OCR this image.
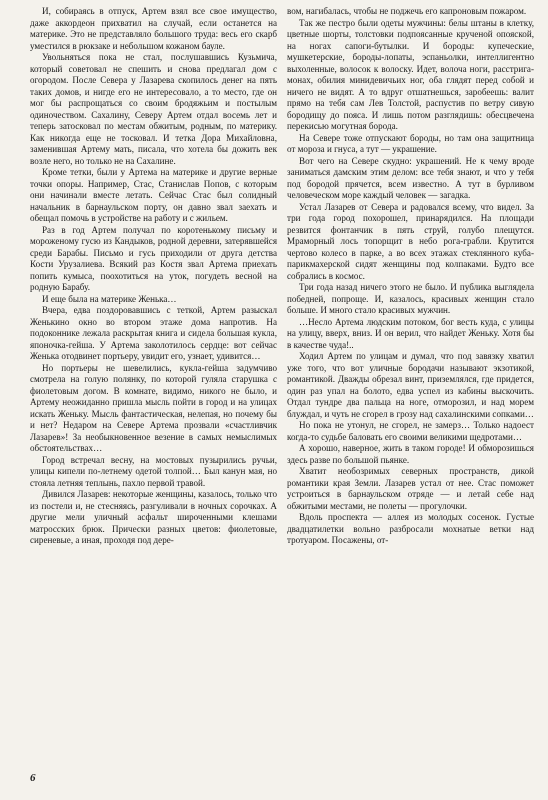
И, собираясь в отпуск, Артем взял все свое имущество, даже аккордеон прихватил на случай, если останется на материке. Это не представляло большого труда: весь его скарб уместился в рюкзаке и небольшом кожаном бауле.

Увольняться пока не стал, послушавшись Кузьмича, который советовал не спешить и снова предлагал дом с огородом. После Севера у Лазарева скопилось денег на пять таких домов, и нигде его не интересовало, а то место, где он мог бы распрощаться со своим бродяжьим и постылым одиночеством. Сахалину, Северу Артем отдал восемь лет и теперь затосковал по местам обжитым, родным, по материку. Как никогда еще не тосковал. И тетка Дора Михайловна, заменившая Артему мать, писала, что хотела бы дожить век возле него, но только не на Сахалине.

Кроме тетки, были у Артема на материке и другие верные точки опоры. Например, Стас, Станислав Попов, с которым они начинали вместе летать. Сейчас Стас был солидный начальник в барнаульском порту, он давно звал заехать и обещал помочь в устройстве на работу и с жильем.

Раз в год Артем получал по коротенькому письму и мороженому гусю из Кандыков, родной деревни, затерявшейся среди Барабы. Письмо и гусь приходили от друга детства Кости Урузалиева. Всякий раз Костя звал Артема приехать попить кумыса, поохотиться на уток, погудеть весной на родную Барабу.

И еще была на материке Женька…

Вчера, едва поздоровавшись с теткой, Артем разыскал Женькино окно во втором этаже дома напротив. На подоконнике лежала раскрытая книга и сидела большая кукла, японочка-гейша. У Артема заколотилось сердце: вот сейчас Женька отодвинет портьеру, увидит его, узнает, удивится…

Но портьеры не шевелились, кукла-гейша задумчиво смотрела на голую полянку, по которой гуляла старушка с фиолетовым догом. В комнате, видимо, никого не было, и Артему неожиданно пришла мысль пойти в город и на улицах искать Женьку. Мысль фантастическая, нелепая, но почему бы и нет? Недаром на Севере Артема прозвали «счастливчик Лазарев»! За необыкновенное везение в самых немыслимых обстоятельствах…

Город встречал весну, на мостовых пузырились ручьи, улицы кипели по-летнему одетой толпой… Был канун мая, но стояла летняя теплынь, пахло первой травой.

Дивился Лазарев: некоторые женщины, казалось, только что из постели и, не стесняясь, разгуливали в ночных сорочках. А другие мели уличный асфальт широченными клешами матросских брюк. Прически разных цветов: фиолетовые, сиреневые, а иная, проходя под дере-

вом, нагибалась, чтобы не поджечь его капроновым пожаром.

Так же пестро были одеты мужчины: белы штаны в клетку, цветные шорты, толстовки подпоясанные крученой опояской, на ногах сапоги-бутылки. И бороды: купеческие, мушкетерские, бороды-лопаты, эспаньолки, интеллигентно выхоленные, волосок к волоску. Идет, волоча ноги, расстрига-монах, обилия минидевичьих ног, оба глядят перед собой и ничего не видят. А то вдруг отшатнешься, заробеешь: валит прямо на тебя сам Лев Толстой, распустив по ветру сивую бородищу до пояса. И лишь потом разглядишь: обесцвечена перекисью могутная борода.

На Севере тоже отпускают бороды, но там она защитница от мороза и гнуса, а тут — украшение.

Вот чего на Севере скудно: украшений. Не к чему вроде заниматься дамским этим делом: все тебя знают, и что у тебя под бородой прячется, всем известно. А тут в бурливом человеческом море каждый человек — загадка.

Устал Лазарев от Севера и радовался всему, что видел. За три года город похорошел, принарядился. На площади резвится фонтанчик в пять струй, голубо плещутся. Мраморный лось топорщит в небо рога-грабли. Крутится чертово колесо в парке, а во всех этажах стеклянного куба-парикмахерской сидят женщины под колпаками. Будто все собрались в космос.

Три года назад ничего этого не было. И публика выглядела победней, попроще. И, казалось, красивых женщин стало больше. И много стало красивых мужчин.

…Несло Артема людским потоком, бог весть куда, с улицы на улицу, вверх, вниз. И он верил, что найдет Женьку. Хотя бы в качестве чуда!..

Ходил Артем по улицам и думал, что под завязку хватил уже того, что вот уличные бородачи называют экзотикой, романтикой. Дважды обрезал винт, приземлялся, где придется, один раз упал на болото, едва успел из кабины выскочить. Отдал тундре два пальца на ноге, отморозил, и над морем блуждал, и чуть не сгорел в грозу над сахалинскими сопками…

Но пока не утонул, не сгорел, не замерз… Только надоест когда-то судьбе баловать его своими великими щедротами…

А хорошо, наверное, жить в таком городе! И обморозишься здесь разве по большой пьянке.

Хватит необозримых северных пространств, дикой романтики края Земли. Лазарев устал от нее. Стас поможет устроиться в барнаульском отряде — и летай себе над обжитыми местами, не полеты — прогулочки.

Вдоль проспекта — аллея из молодых сосенок. Густые двадцатилетки вольно разбросали мохнатые ветки над тротуаром. Посажены, от-

6
